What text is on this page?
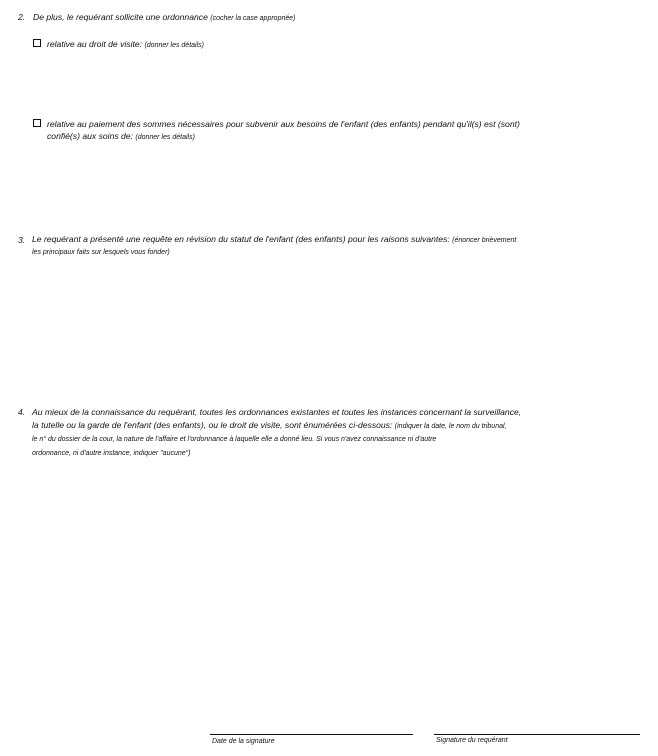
2. De plus, le requérant sollicite une ordonnance (cocher la case appropriée)
relative au droit de visite: (donner les détails)
relative au paiement des sommes nécessaires pour subvenir aux besoins de l'enfant (des enfants) pendant qu'il(s) est (sont)
confié(s) aux soins de: (donner les détails)
3. Le requérant a présenté une requête en révision du statut de l'enfant (des enfants) pour les raisons suivantes: (énoncer brièvement
les principaux faits sur lesquels vous fonder)
4. Au mieux de la connaissance du requérant, toutes les ordonnances existantes et toutes les instances concernant la surveillance,
la tutelle ou la garde de l'enfant (des enfants), ou le droit de visite, sont énumérées ci-dessous: (indiquer la date, le nom du tribunal,
le n° du dossier de la cour, la nature de l'affaire et l'ordonnance à laquelle elle a donné lieu. Si vous n'avez connaissance ni d'autre
ordonnance, ni d'autre instance, indiquer "aucune")
Date de la signature	Signature du requérant
